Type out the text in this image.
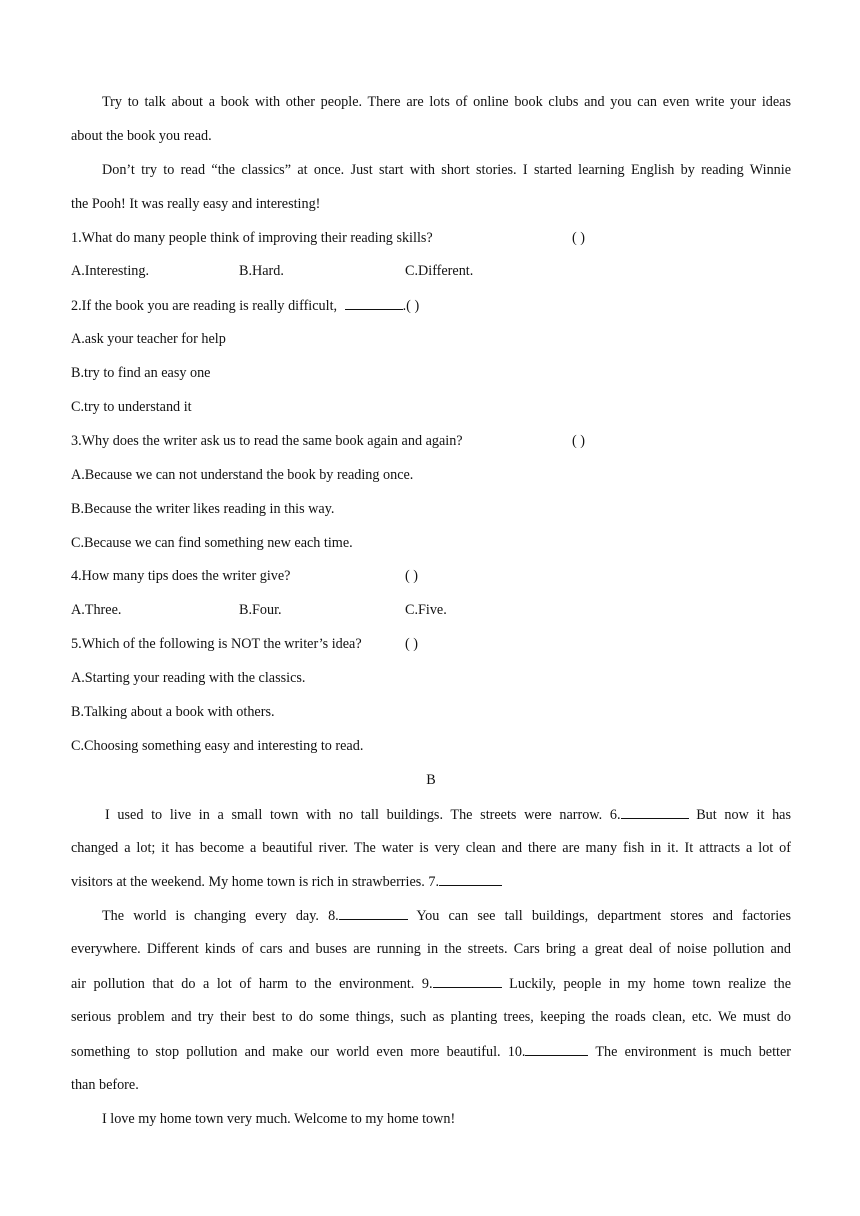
Try to talk about a book with other people. There are lots of online book clubs and you can even write your ideas
about the book you read.
Don’t try to read “the classics” at once. Just start with short stories. I started learning English by reading Winnie
the Pooh! It was really easy and interesting!
1.What do many people think of improving their reading skills?	( )
A.Interesting.	B.Hard.	C.Different.
2.If the book you are reading is really difficult,	.( )
A.ask your teacher for help
B.try to find an easy one
C.try to understand it
3.Why does the writer ask us to read the same book again and again?	( )
A.Because we can not understand the book by reading once.
B.Because the writer likes reading in this way.
C.Because we can find something new each time.
4.How many tips does the writer give?	( )
A.Three.	B.Four.	C.Five.
5.Which of the following is NOT the writer’s idea?	( )
A.Starting your reading with the classics.
B.Talking about a book with others.
C.Choosing something easy and interesting to read.
B
I used to live in a small town with no tall buildings. The streets were narrow. 6.	But now it has
changed a lot; it has become a beautiful river. The water is very clean and there are many fish in it. It attracts a lot of
visitors at the weekend. My home town is rich in strawberries. 7.
The world is changing every day. 8.	You can see tall buildings, department stores and factories
everywhere. Different kinds of cars and buses are running in the streets. Cars bring a great deal of noise pollution and
air pollution that do a lot of harm to the environment. 9.	Luckily, people in my home town realize the
serious problem and try their best to do some things, such as planting trees, keeping the roads clean, etc. We must do
something to stop pollution and make our world even more beautiful. 10.	The environment is much better
than before.
I love my home town very much. Welcome to my home town!
